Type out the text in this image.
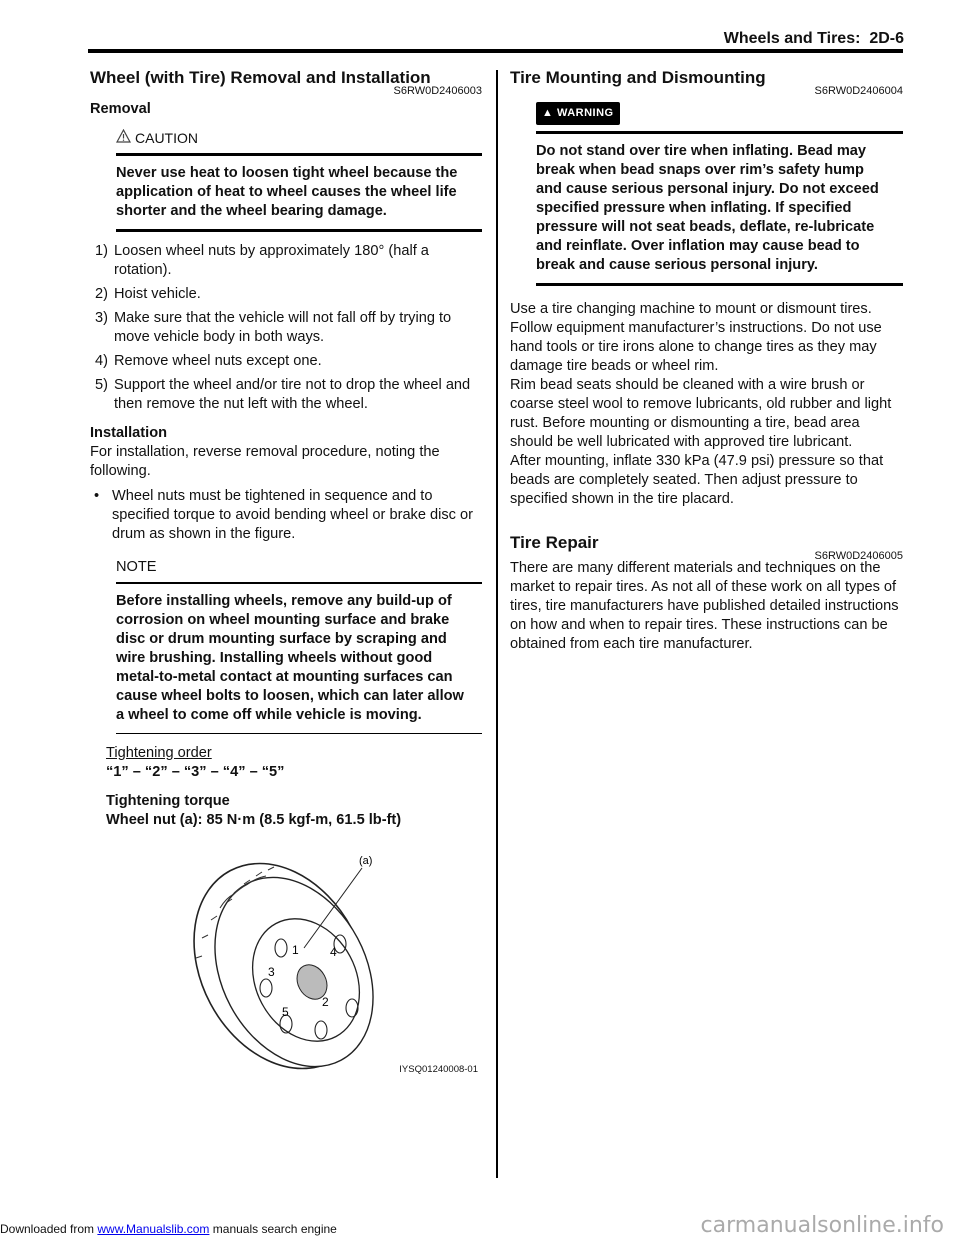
Wheels and Tires: 2D-6
Wheel (with Tire) Removal and Installation
S6RW0D2406003

Removal

CAUTION
Never use heat to loosen tight wheel because the application of heat to wheel causes the wheel life shorter and the wheel bearing damage.
1) Loosen wheel nuts by approximately 180° (half a rotation).
2) Hoist vehicle.
3) Make sure that the vehicle will not fall off by trying to move vehicle body in both ways.
4) Remove wheel nuts except one.
5) Support the wheel and/or tire not to drop the wheel and then remove the nut left with the wheel.

Installation

For installation, reverse removal procedure, noting the following.

• Wheel nuts must be tightened in sequence and to specified torque to avoid bending wheel or brake disc or drum as shown in the figure.
NOTE
Before installing wheels, remove any build-up of corrosion on wheel mounting surface and brake disc or drum mounting surface by scraping and wire brushing. Installing wheels without good metal-to-metal contact at mounting surfaces can cause wheel bolts to loosen, which can later allow a wheel to come off while vehicle is moving.

Tightening order

“1” – “2” – “3” – “4” – “5”

Tightening torque

Wheel nut (a): 85 N·m (8.5 kgf-m, 61.5 lb-ft)

(a)
1
2
3
4
5
IYSQ01240008-01
Tire Mounting and Dismounting
S6RW0D2406004
▲ WARNING
Do not stand over tire when inflating. Bead may break when bead snaps over rim’s safety hump and cause serious personal injury. Do not exceed specified pressure when inflating. If specified pressure will not seat beads, deflate, re-lubricate and reinflate. Over inflation may cause bead to break and cause serious personal injury.

Use a tire changing machine to mount or dismount tires. Follow equipment manufacturer’s instructions. Do not use hand tools or tire irons alone to change tires as they may damage tire beads or wheel rim.

Rim bead seats should be cleaned with a wire brush or coarse steel wool to remove lubricants, old rubber and light rust. Before mounting or dismounting a tire, bead area should be well lubricated with approved tire lubricant.

After mounting, inflate 330 kPa (47.9 psi) pressure so that beads are completely seated. Then adjust pressure to specified shown in the tire placard.

Tire Repair
S6RW0D2406005

There are many different materials and techniques on the market to repair tires. As not all of these work on all types of tires, tire manufacturers have published detailed instructions on how and when to repair tires. These instructions can be obtained from each tire manufacturer.

Downloaded from www.Manualslib.com manuals search engine	carmanualsonline.info
